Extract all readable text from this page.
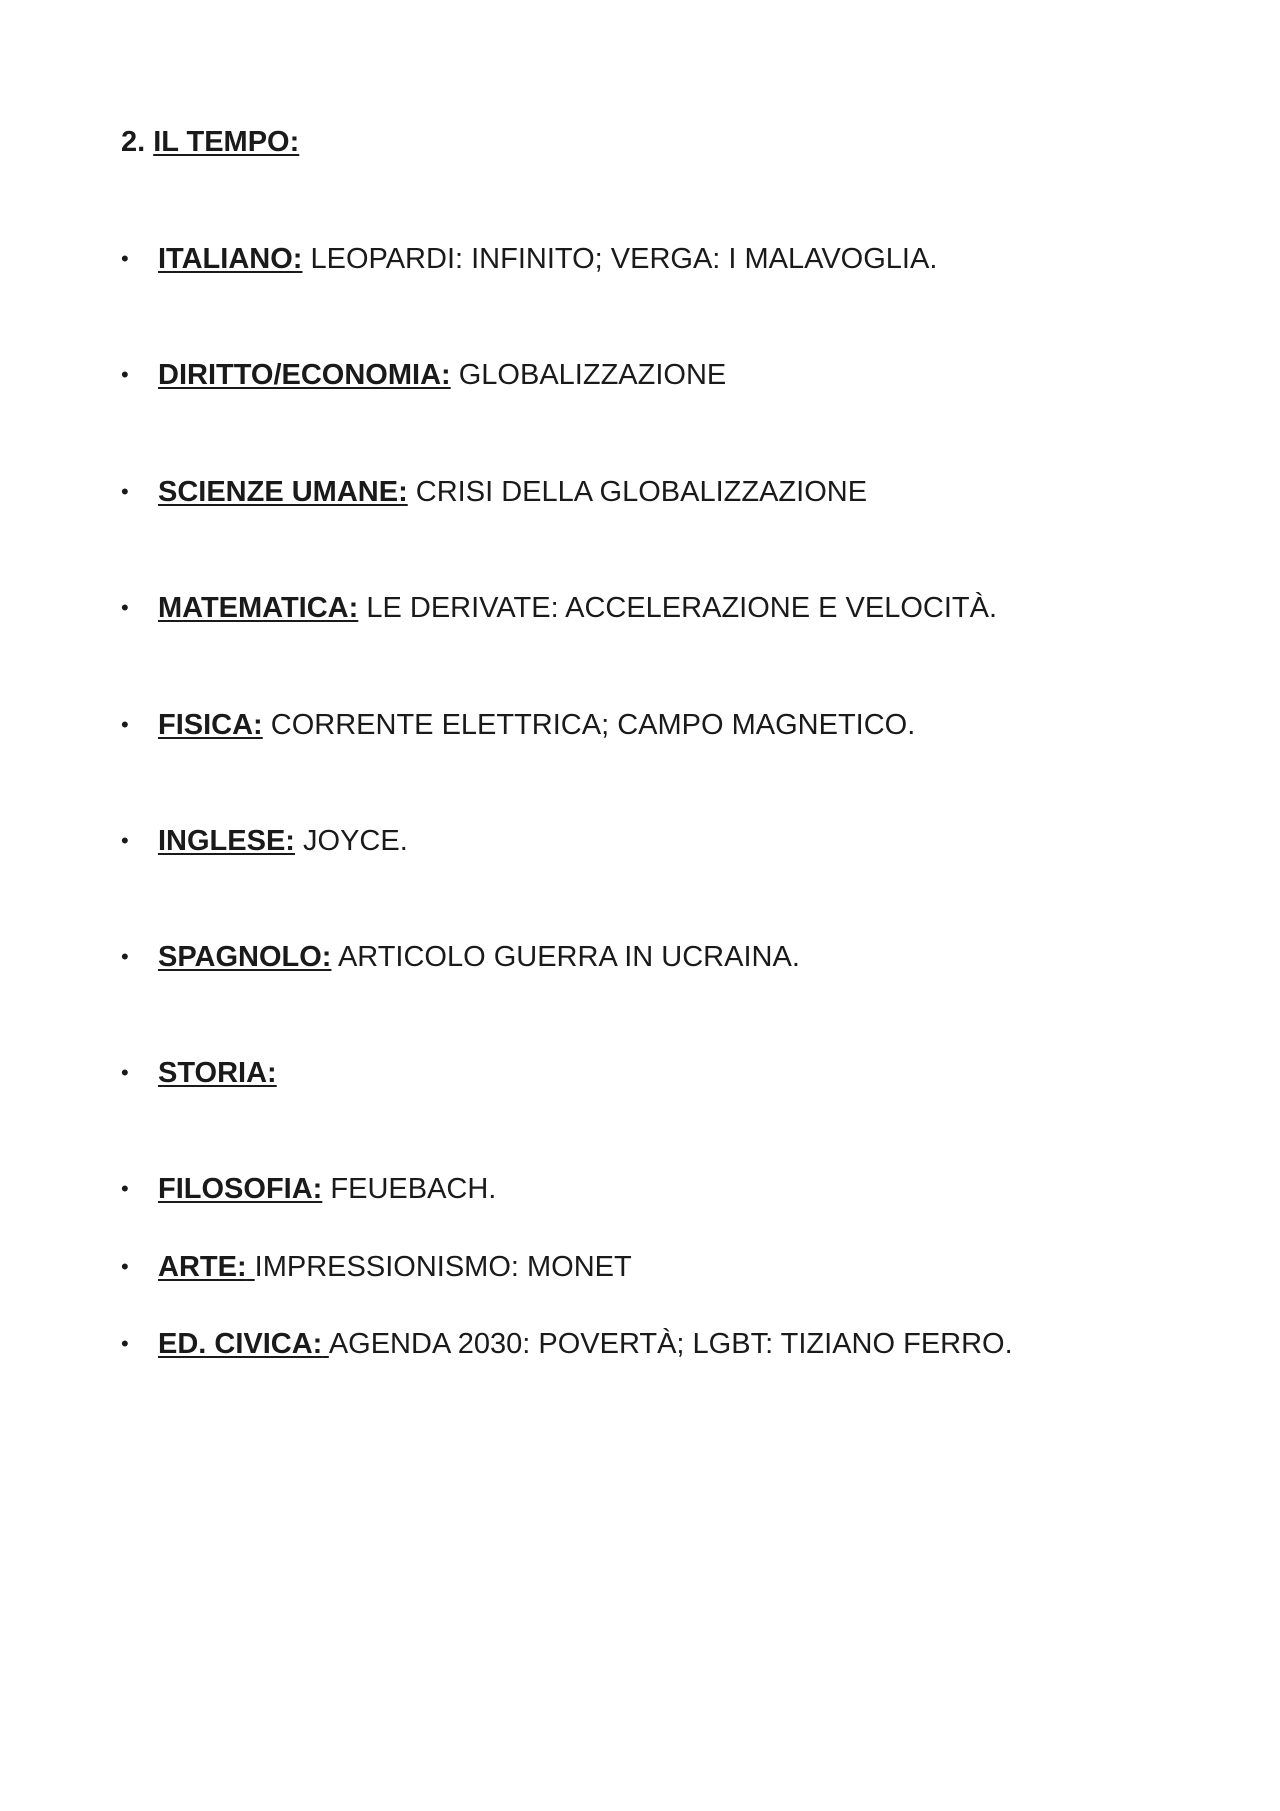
2. IL TEMPO:
• ITALIANO: LEOPARDI: INFINITO; VERGA: I MALAVOGLIA.
• DIRITTO/ECONOMIA: GLOBALIZZAZIONE
• SCIENZE UMANE: CRISI DELLA GLOBALIZZAZIONE
• MATEMATICA: LE DERIVATE: ACCELERAZIONE E VELOCITÀ.
• FISICA: CORRENTE ELETTRICA; CAMPO MAGNETICO.
• INGLESE: JOYCE.
• SPAGNOLO: ARTICOLO GUERRA IN UCRAINA.
• STORIA:
• FILOSOFIA: FEUEBACH.
• ARTE: IMPRESSIONISMO: MONET
• ED. CIVICA: AGENDA 2030: POVERTÀ; LGBT: TIZIANO FERRO.
